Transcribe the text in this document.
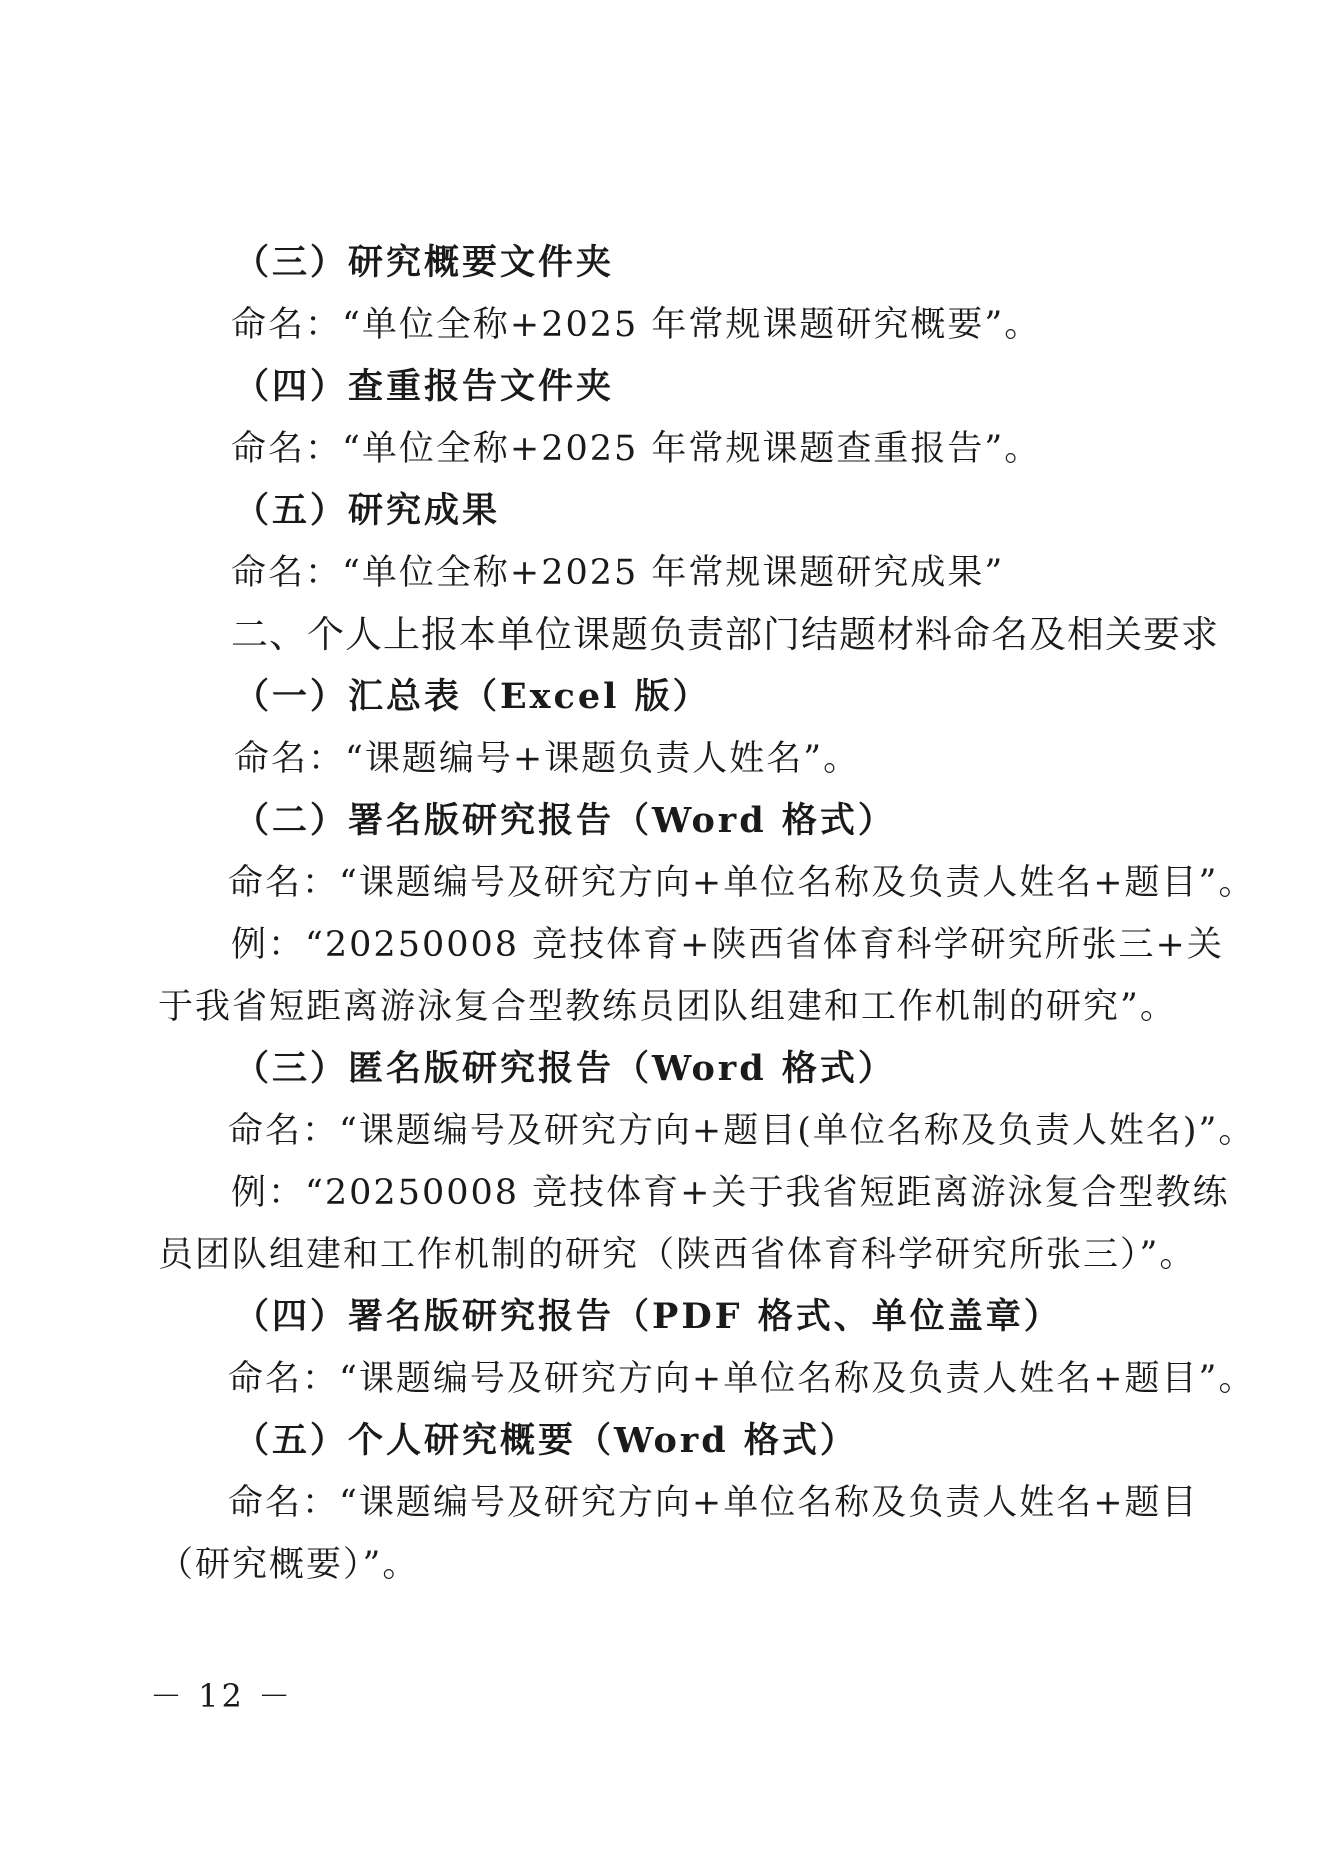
（三）研究概要文件夹
命名：“单位全称+2025 年常规课题研究概要”。
（四）查重报告文件夹
命名：“单位全称+2025 年常规课题查重报告”。
（五）研究成果
命名：“单位全称+2025 年常规课题研究成果”
二、个人上报本单位课题负责部门结题材料命名及相关要求
（一）汇总表（Excel 版）
命名：“课题编号+课题负责人姓名”。
（二）署名版研究报告（Word 格式）
命名：“课题编号及研究方向+单位名称及负责人姓名+题目”。
例：“20250008 竞技体育+陕西省体育科学研究所张三+关
于我省短距离游泳复合型教练员团队组建和工作机制的研究”。
（三）匿名版研究报告（Word 格式）
命名：“课题编号及研究方向+题目(单位名称及负责人姓名)”。
例：“20250008 竞技体育+关于我省短距离游泳复合型教练
员团队组建和工作机制的研究（陕西省体育科学研究所张三）”。
（四）署名版研究报告（PDF 格式、单位盖章）
命名：“课题编号及研究方向+单位名称及负责人姓名+题目”。
（五）个人研究概要（Word 格式）
命名：“课题编号及研究方向+单位名称及负责人姓名+题目
（研究概要）”。
－ 12 －
